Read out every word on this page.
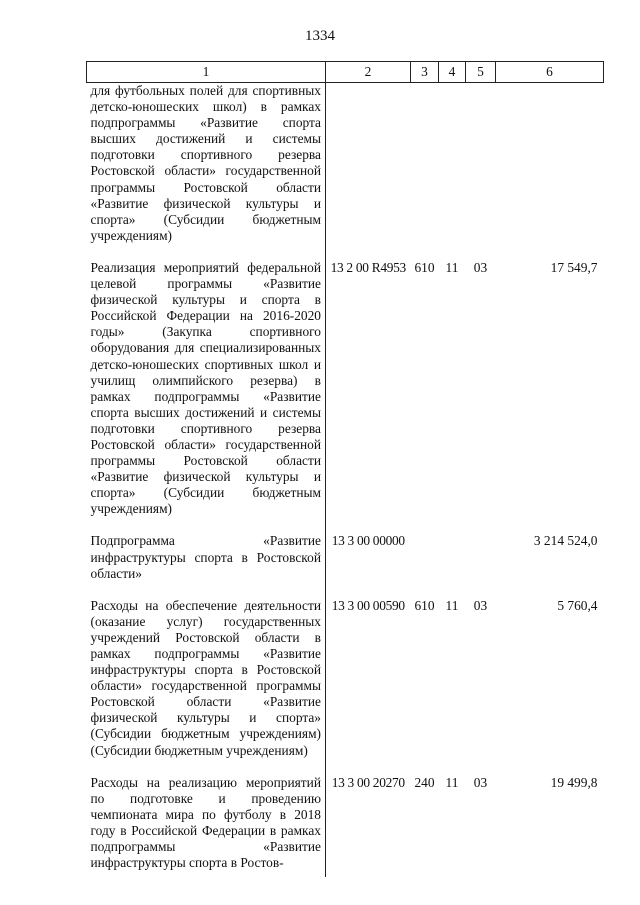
1334
1	2	3	4	5	6
для футбольных полей для спортивных детско-юношеских школ) в рамках подпрограммы «Развитие спорта высших достижений и системы подготовки спортивного резерва Ростовской области» государственной программы Ростовской области «Развитие физической культуры и спорта» (Субсидии бюджетным учреждениям)					
Реализация мероприятий федеральной целевой программы «Развитие физической культуры и спорта в Российской Федерации на 2016-2020 годы» (Закупка спортивного оборудования для специализированных детско-юношеских спортивных школ и училищ олимпийского резерва) в рамках подпрограммы «Развитие спорта высших достижений и системы подготовки спортивного резерва Ростовской области» государственной программы Ростовской области «Развитие физической культуры и спорта» (Субсидии бюджетным учреждениям)	13 2 00 R4953	610	11	03	17 549,7
Подпрограмма «Развитие инфраструктуры спорта в Ростовской области»	13 3 00 00000				3 214 524,0
Расходы на обеспечение деятельности (оказание услуг) государственных учреждений Ростовской области в рамках подпрограммы «Развитие инфраструктуры спорта в Ростовской области» государственной программы Ростовской области «Развитие физической культуры и спорта» (Субсидии бюджетным учреждениям) (Субсидии бюджетным учреждениям)	13 3 00 00590	610	11	03	5 760,4
Расходы на реализацию мероприятий по подготовке и проведению чемпионата мира по футболу в 2018 году в Российской Федерации в рамках подпрограммы «Развитие инфраструктуры спорта в Ростов-	13 3 00 20270	240	11	03	19 499,8
